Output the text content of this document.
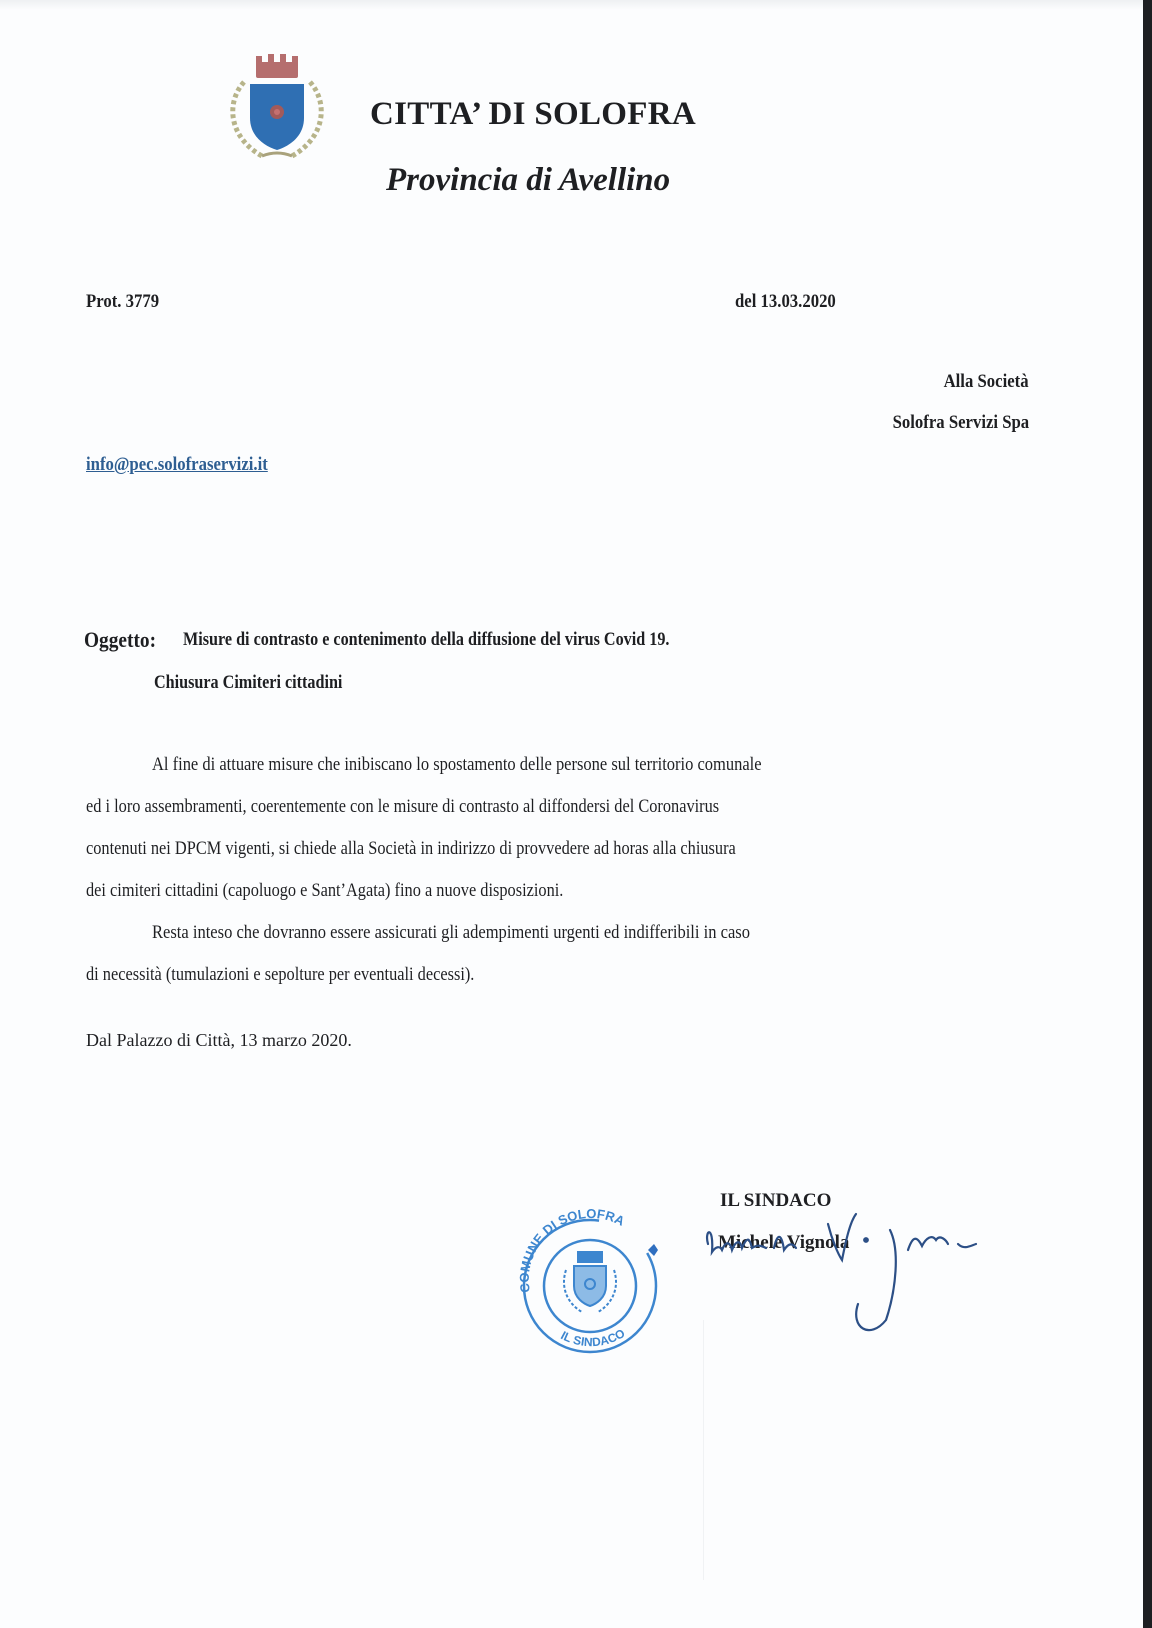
CITTA’ DI SOLOFRA
Provincia di Avellino
Prot. 3779	del 13.03.2020
Alla Società
Solofra Servizi Spa
info@pec.solofraservizi.it
Oggetto: Misure di contrasto e contenimento della diffusione del virus Covid 19.
Chiusura Cimiteri cittadini
Al fine di attuare misure che inibiscano lo spostamento delle persone sul territorio comunale
ed i loro assembramenti, coerentemente con le misure di contrasto al diffondersi del Coronavirus
contenuti nei DPCM vigenti, si chiede alla Società in indirizzo di provvedere ad horas alla chiusura
dei cimiteri cittadini (capoluogo e Sant’Agata) fino a nuove disposizioni.
Resta inteso che dovranno essere assicurati gli adempimenti urgenti ed indifferibili in caso
di necessità (tumulazioni e sepolture per eventuali decessi).
Dal Palazzo di Città, 13 marzo 2020.
COMUNE DI SOLOFRA
IL SINDACO
IL SINDACO
Michele Vignola
